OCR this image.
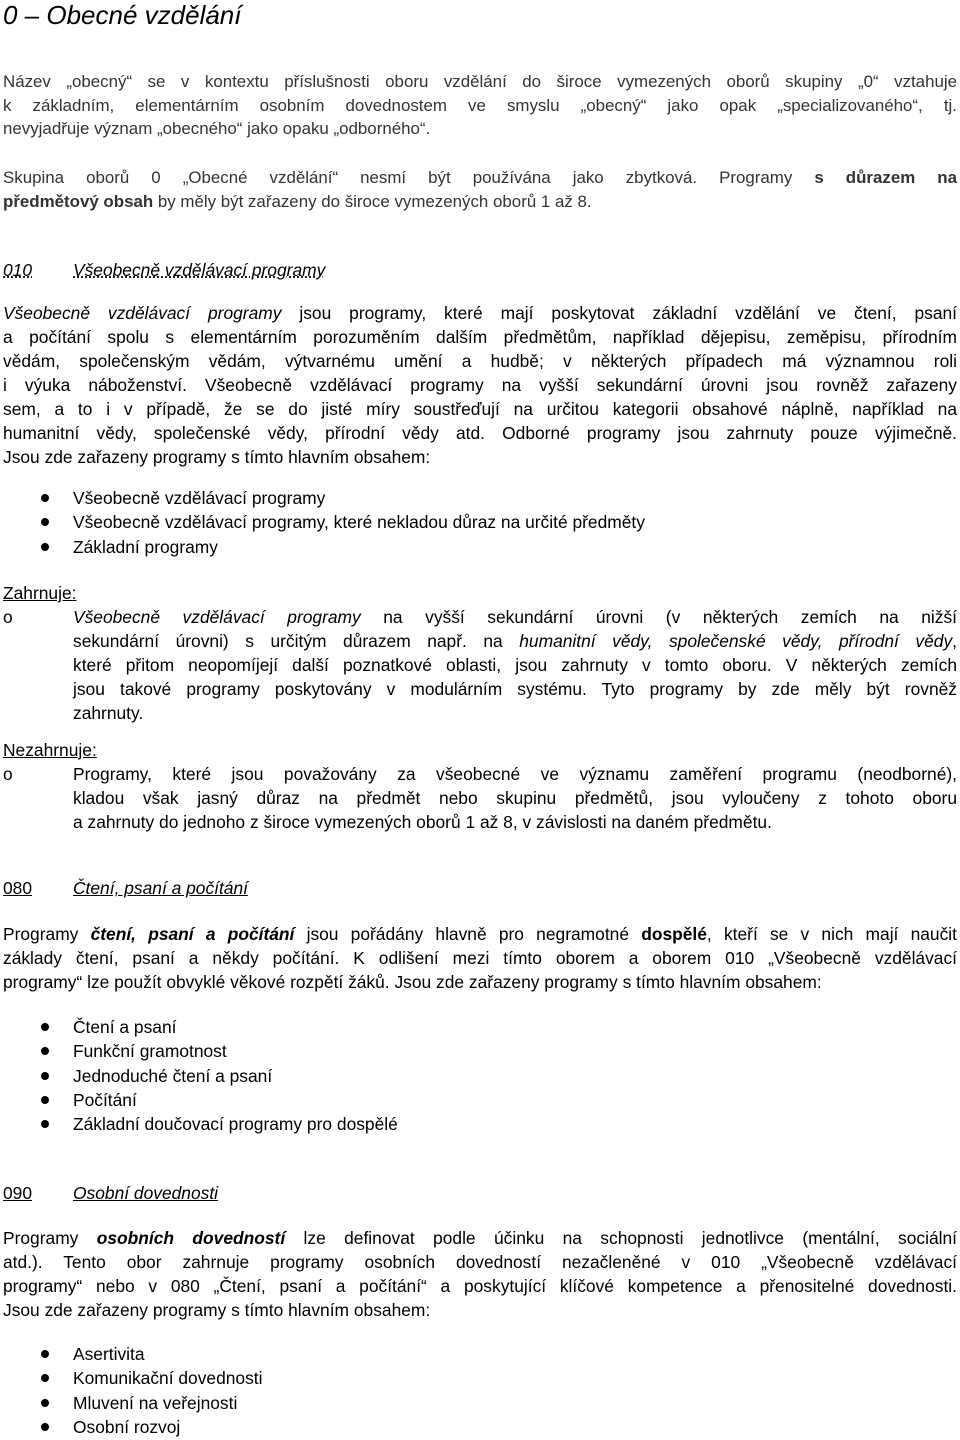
0 – Obecné vzdělání
Název „obecný“ se v kontextu příslušnosti oboru vzdělání do široce vymezených oborů skupiny „0“ vztahuje
k základním, elementárním osobním dovednostem ve smyslu „obecný“ jako opak „specializovaného“, tj.
nevyjadřuje význam „obecného“ jako opaku „odborného“.
Skupina oborů 0 „Obecné vzdělání“ nesmí být používána jako zbytková. Programy s důrazem na
předmětový obsah by měly být zařazeny do široce vymezených oborů 1 až 8.
010 Všeobecně vzdělávací programy
Všeobecně vzdělávací programy jsou programy, které mají poskytovat základní vzdělání ve čtení, psaní
a počítání spolu s elementárním porozuměním dalším předmětům, například dějepisu, zeměpisu, přírodním
vědám, společenským vědám, výtvarnému umění a hudbě; v některých případech má významnou roli
i výuka náboženství. Všeobecně vzdělávací programy na vyšší sekundární úrovni jsou rovněž zařazeny
sem, a to i v případě, že se do jisté míry soustřeďují na určitou kategorii obsahové náplně, například na
humanitní vědy, společenské vědy, přírodní vědy atd. Odborné programy jsou zahrnuty pouze výjimečně.
Jsou zde zařazeny programy s tímto hlavním obsahem:
Všeobecně vzdělávací programy
Všeobecně vzdělávací programy, které nekladou důraz na určité předměty
Základní programy
Zahrnuje:
o	Všeobecně vzdělávací programy na vyšší sekundární úrovni (v některých zemích na nižší
sekundární úrovni) s určitým důrazem např. na humanitní vědy, společenské vědy, přírodní vědy,
které přitom neopomíjejí další poznatkové oblasti, jsou zahrnuty v tomto oboru. V některých zemích
jsou takové programy poskytovány v modulárním systému. Tyto programy by zde měly být rovněž
zahrnuty.
Nezahrnuje:
o	Programy, které jsou považovány za všeobecné ve významu zaměření programu (neodborné),
kladou však jasný důraz na předmět nebo skupinu předmětů, jsou vyloučeny z tohoto oboru
a zahrnuty do jednoho z široce vymezených oborů 1 až 8, v závislosti na daném předmětu.
080 Čtení, psaní a počítání
Programy čtení, psaní a počítání jsou pořádány hlavně pro negramotné dospělé, kteří se v nich mají naučit
základy čtení, psaní a někdy počítání. K odlišení mezi tímto oborem a oborem 010 „Všeobecně vzdělávací
programy“ lze použít obvyklé věkové rozpětí žáků. Jsou zde zařazeny programy s tímto hlavním obsahem:
Čtení a psaní
Funkční gramotnost
Jednoduché čtení a psaní
Počítání
Základní doučovací programy pro dospělé
090 Osobní dovednosti
Programy osobních dovedností lze definovat podle účinku na schopnosti jednotlivce (mentální, sociální
atd.). Tento obor zahrnuje programy osobních dovedností nezačleněné v 010 „Všeobecně vzdělávací
programy“ nebo v 080 „Čtení, psaní a počítání“ a poskytující klíčové kompetence a přenositelné dovednosti.
Jsou zde zařazeny programy s tímto hlavním obsahem:
Asertivita
Komunikační dovednosti
Mluvení na veřejnosti
Osobní rozvoj
